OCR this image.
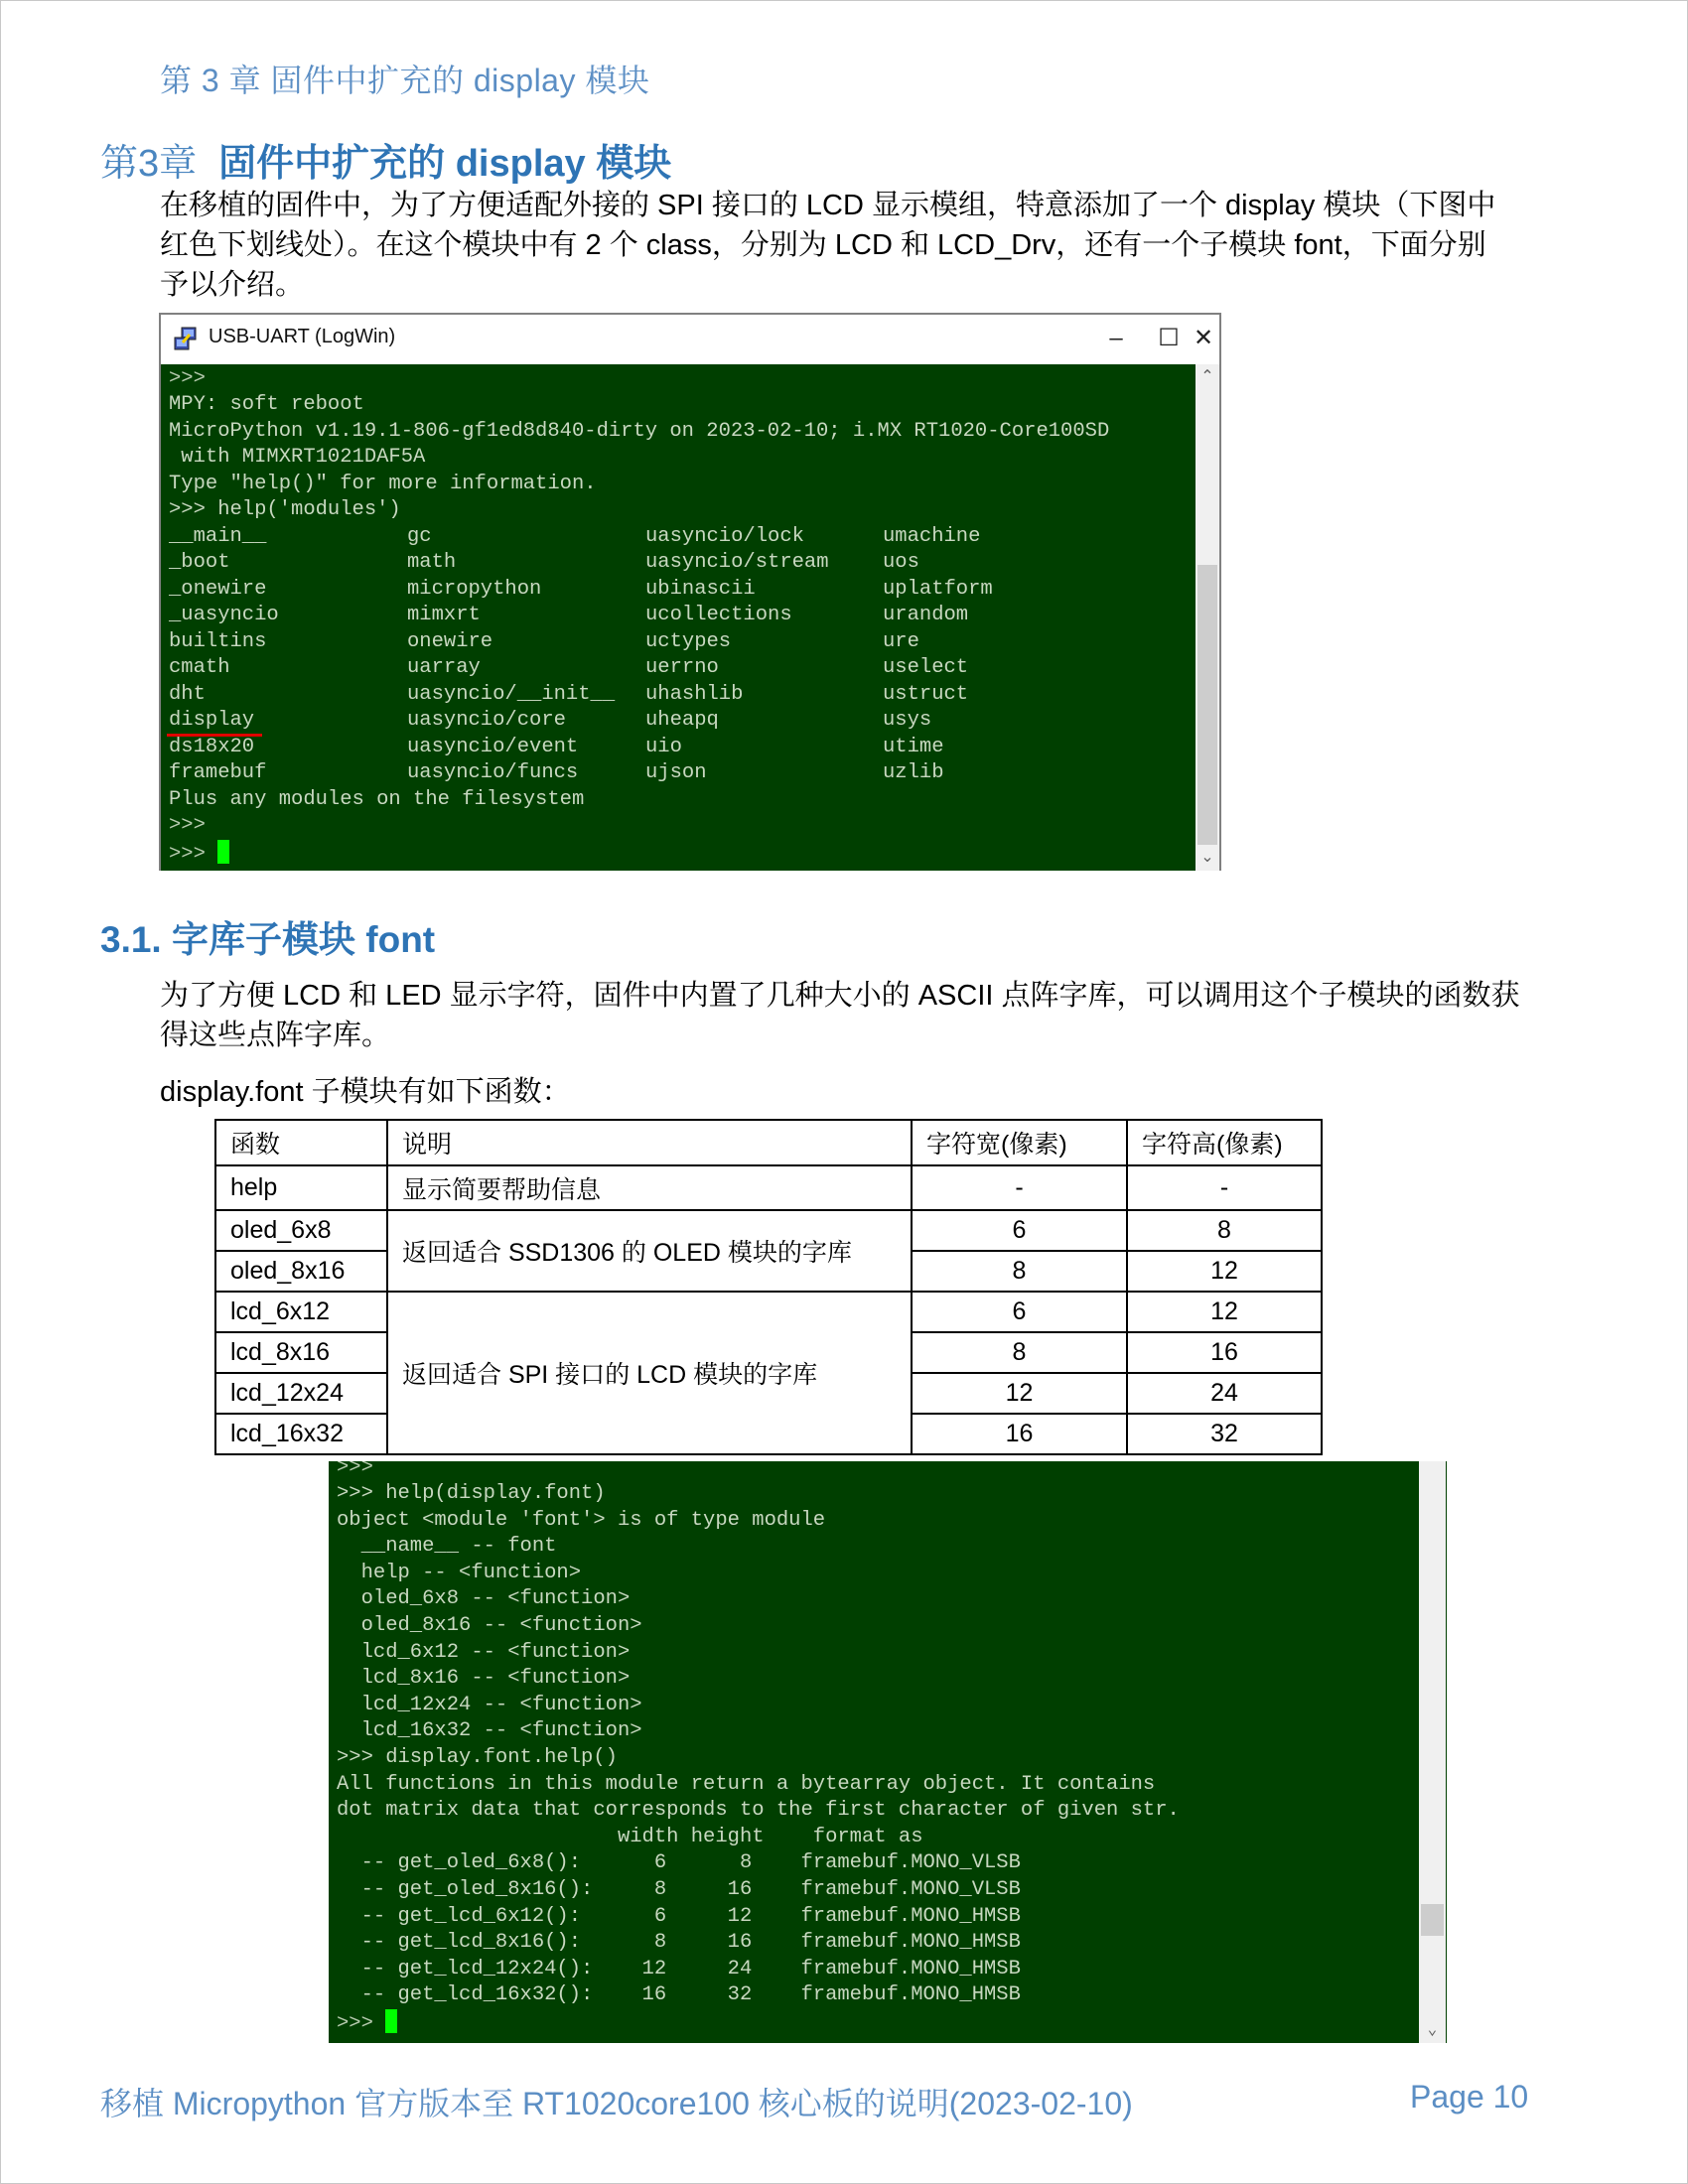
第 3 章 固件中扩充的 display 模块
第3章 固件中扩充的 display 模块
在移植的固件中，为了方便适配外接的 SPI 接口的 LCD 显示模组，特意添加了一个 display 模块（下图中
红色下划线处）。在这个模块中有 2 个 class，分别为 LCD 和 LCD_Drv，还有一个子模块 font，下面分别
予以介绍。
USB-UART (LogWin)	–	☐ ✕
>>>
MPY: soft reboot
MicroPython v1.19.1-806-gf1ed8d840-dirty on 2023-02-10; i.MX RT1020-Core100SD
with MIMXRT1021DAF5A
Type "help()" for more information.
>>> help('modules')
__main__	gc	uasyncio/lock	umachine
_boot	math	uasyncio/stream	uos
_onewire	micropython	ubinascii	uplatform
_uasyncio	mimxrt	ucollections	urandom
builtins	onewire	uctypes	ure
cmath	uarray	uerrno	uselect
dht	uasyncio/__init__ uhashlib	ustruct
display	uasyncio/core	uheapq	usys
ds18x20	uasyncio/event	uio	utime
framebuf	uasyncio/funcs	ujson	uzlib
Plus any modules on the filesystem
>>>
>>>
⌃
⌄
3.1. 字库子模块 font
为了方便 LCD 和 LED 显示字符，固件中内置了几种大小的 ASCII 点阵字库，可以调用这个子模块的函数获
得这些点阵字库。
display.font 子模块有如下函数：
函数	说明	字符宽(像素)	字符高(像素)
help	显示简要帮助信息	-	-
oled_6x8	返回适合 SSD1306 的 OLED 模块的字库	6	8
oled_8x16		8	12
lcd_6x12	返回适合 SPI 接口的 LCD 模块的字库	6	12
lcd_8x16		8	16
lcd_12x24		12	24
lcd_16x32		16	32
>>>
>>> help(display.font)
object <module 'font'> is of type module
__name__ -- font
help -- <function>
oled_6x8 -- <function>
oled_8x16 -- <function>
lcd_6x12 -- <function>
lcd_8x16 -- <function>
lcd_12x24 -- <function>
lcd_16x32 -- <function>
>>> display.font.help()
All functions in this module return a bytearray object. It contains
dot matrix data that corresponds to the first character of given str.
width height    format as
-- get_oled_6x8():      6      8    framebuf.MONO_VLSB
-- get_oled_8x16():     8     16    framebuf.MONO_VLSB
-- get_lcd_6x12():      6     12    framebuf.MONO_HMSB
-- get_lcd_8x16():      8     16    framebuf.MONO_HMSB
-- get_lcd_12x24():    12     24    framebuf.MONO_HMSB
-- get_lcd_16x32():    16     32    framebuf.MONO_HMSB
>>>	⌄
移植 Micropython 官方版本至 RT1020core100 核心板的说明(2023-02-10)	Page 10
